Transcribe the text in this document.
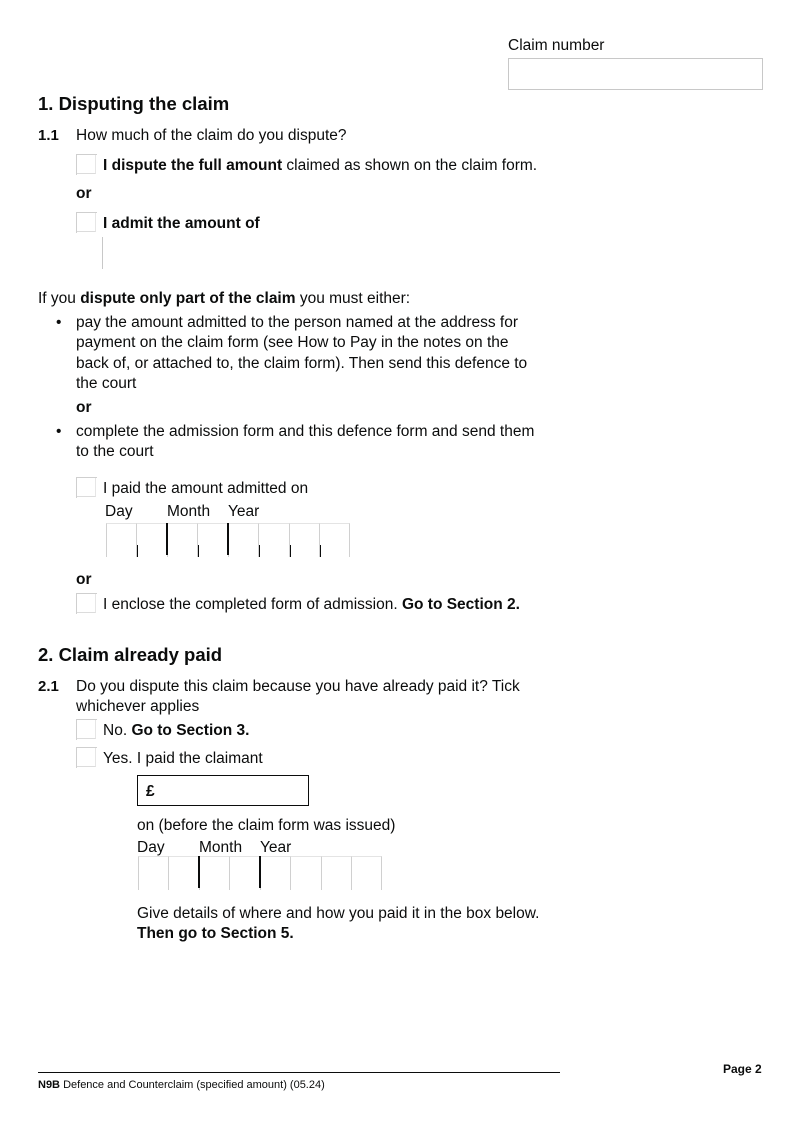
Claim number
1. Disputing the claim
1.1 How much of the claim do you dispute?
I dispute the full amount claimed as shown on the claim form.
or
I admit the amount of
If you dispute only part of the claim you must either:
• pay the amount admitted to the person named at the address for
payment on the claim form (see How to Pay in the notes on the
back of, or attached to, the claim form). Then send this defence to
the court
or
• complete the admission form and this defence form and send them
to the court
I paid the amount admitted on
Day Month Year
or
I enclose the completed form of admission. Go to Section 2.
2. Claim already paid
2.1 Do you dispute this claim because you have already paid it? Tick
whichever applies
No. Go to Section 3.
Yes. I paid the claimant
£
on (before the claim form was issued)
Day Month Year
Give details of where and how you paid it in the box below.
Then go to Section 5.
Page 2
N9B Defence and Counterclaim (specified amount) (05.24)
